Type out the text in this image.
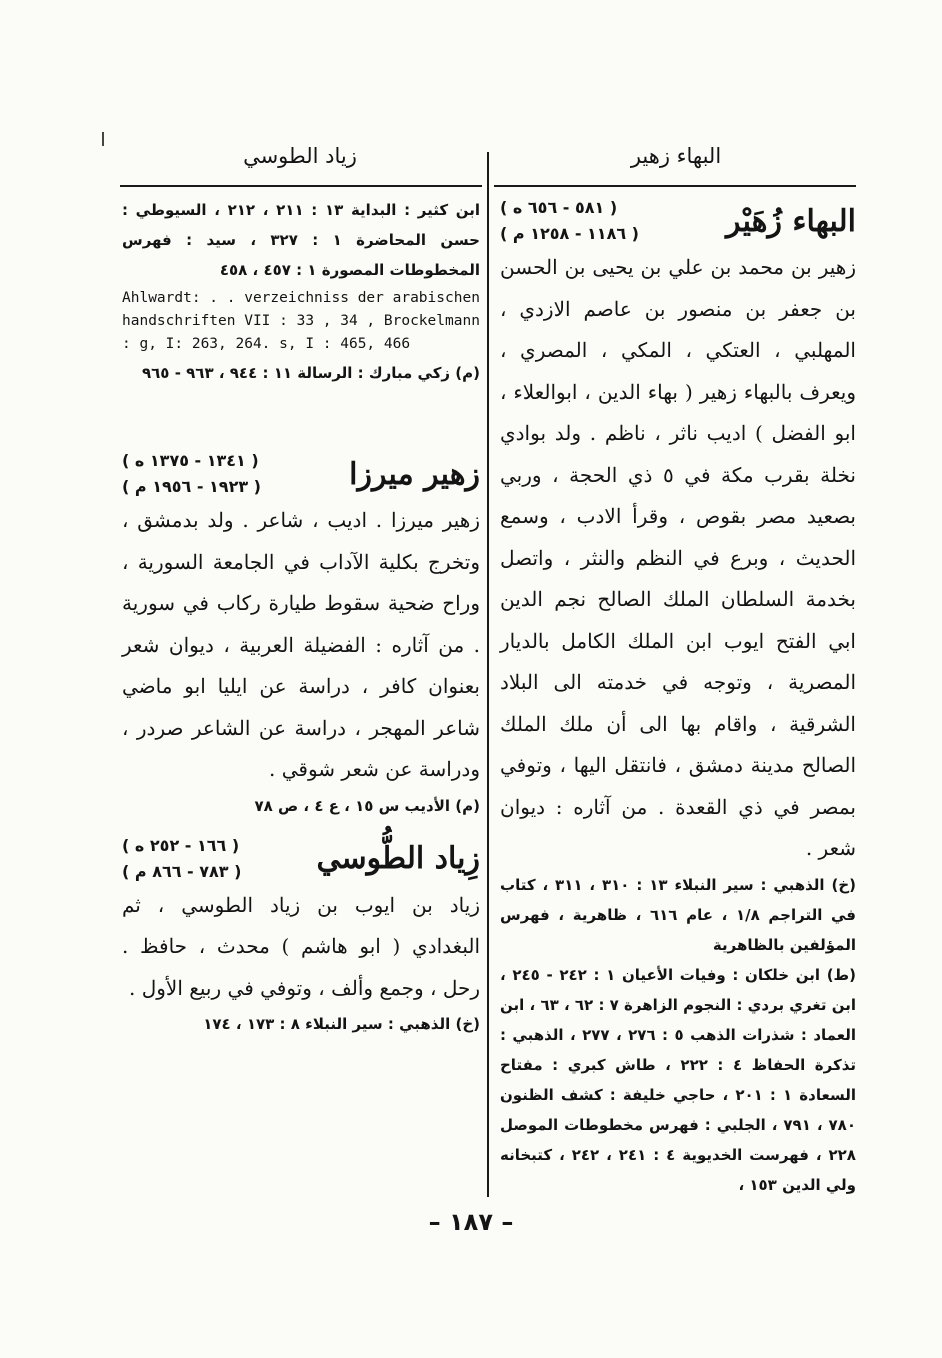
البهاء زهير
زياد الطوسي
البهاء زُهَيْر
( ٥٨١ - ٦٥٦ ه )
( ١١٨٦ - ١٢٥٨ م )

زهير بن محمد بن علي بن يحيى بن الحسن بن جعفر بن منصور بن عاصم الازدي ، المهلبي ، العتكي ، المكي ، المصري ، ويعرف بالبهاء زهير ( بهاء الدين ، ابوالعلاء ، ابو الفضل ) اديب ناثر ، ناظم . ولد بوادي نخلة بقرب مكة في ٥ ذي الحجة ، وربي بصعيد مصر بقوص ، وقرأ الادب ، وسمع الحديث ، وبرع في النظم والنثر ، واتصل بخدمة السلطان الملك الصالح نجم الدين ابي الفتح ايوب ابن الملك الكامل بالديار المصرية ، وتوجه في خدمته الى البلاد الشرقية ، واقام بها الى أن ملك الملك الصالح مدينة دمشق ، فانتقل اليها ، وتوفي بمصر في ذي القعدة . من آثاره : ديوان شعر .

(خ) الذهبي : سير النبلاء ١٣ : ٣١٠ ، ٣١١ ، كتاب في التراجم ١/٨ ، عام ٦١٦ ، ظاهرية ، فهرس المؤلفين بالظاهرية

(ط) ابن خلكان : وفيات الأعيان ١ : ٢٤٢ - ٢٤٥ ، ابن تغري بردي : النجوم الزاهرة ٧ : ٦٢ ، ٦٣ ، ابن العماد : شذرات الذهب ٥ : ٢٧٦ ، ٢٧٧ ، الذهبي : تذكرة الحفاظ ٤ : ٢٢٢ ، طاش كبري : مفتاح السعادة ١ : ٢٠١ ، حاجي خليفة : كشف الظنون ٧٨٠ ، ٧٩١ ، الجلبي : فهرس مخطوطات الموصل ٢٢٨ ، فهرست الخديوية ٤ : ٢٤١ ، ٢٤٢ ، كتبخانه ولي الدين ١٥٣ ،

ابن كثير : البداية ١٣ : ٢١١ ، ٢١٢ ، السيوطي : حسن المحاضرة ١ : ٣٢٧ ، سيد : فهرس المخطوطات المصورة ١ : ٤٥٧ ، ٤٥٨

Ahlwardt: . . verzeichniss der arabischen handschriften VII : 33 , 34 , Brockelmann : g, I: 263, 264. s, I : 465, 466

(م) زكي مبارك : الرسالة ١١ : ٩٤٤ ، ٩٦٣ - ٩٦٥

زهير ميرزا
( ١٣٤١ - ١٣٧٥ ه )
( ١٩٢٣ - ١٩٥٦ م )

زهير ميرزا . اديب ، شاعر . ولد بدمشق ، وتخرج بكلية الآداب في الجامعة السورية ، وراح ضحية سقوط طيارة ركاب في سورية . من آثاره : الفضيلة العربية ، ديوان شعر بعنوان كافر ، دراسة عن ايليا ابو ماضي شاعر المهجر ، دراسة عن الشاعر صردر ، ودراسة عن شعر شوقي .

(م) الأديب س ١٥ ، ع ٤ ، ص ٧٨

زِياد الطُّوسي
( ١٦٦ - ٢٥٢ ه )
( ٧٨٣ - ٨٦٦ م )

زياد بن ايوب بن زياد الطوسي ، ثم البغدادي ( ابو هاشم ) محدث ، حافظ . رحل ، وجمع وألف ، وتوفي في ربيع الأول .

(خ) الذهبي : سير النبلاء ٨ : ١٧٣ ، ١٧٤

– ١٨٧ –
